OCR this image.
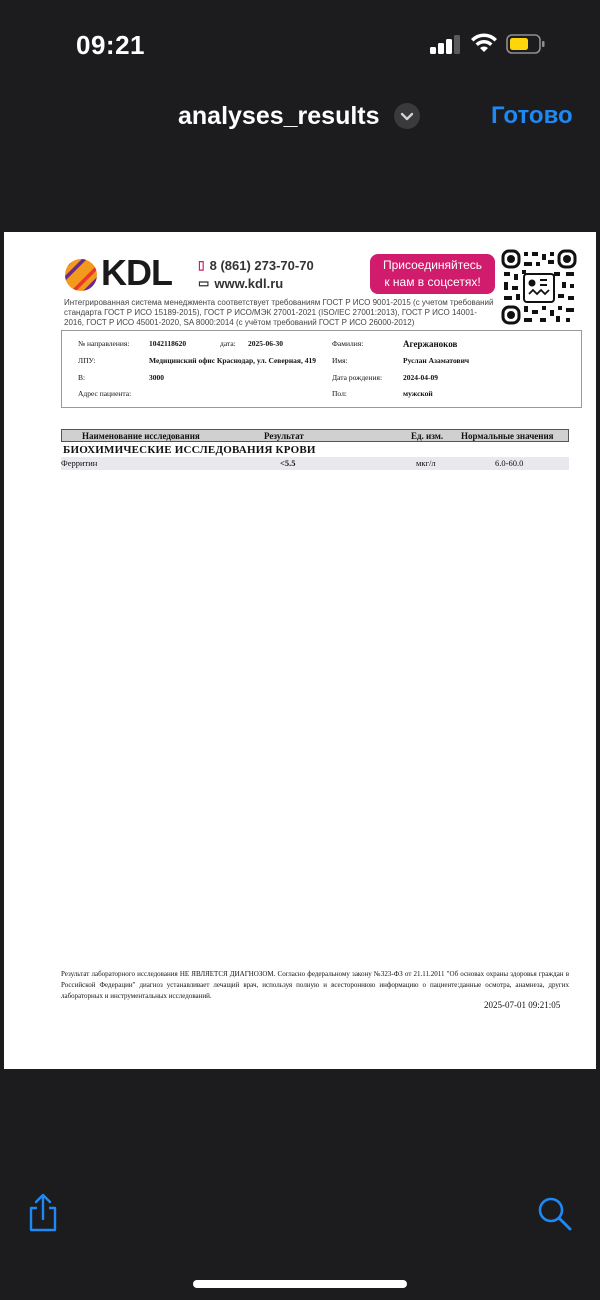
09:21
analyses_results	Готово
KDL ▯ 8 (861) 273-70-70
▭ www.kdl.ru
Присоединяйтесь
к нам в соцсетях!
Интегрированная система менеджмента соответствует требованиям ГОСТ Р ИСО 9001-2015 (с учетом требований стандарта ГОСТ Р ИСО 15189-2015), ГОСТ Р ИСО/МЭК 27001-2021 (ISO/IEC 27001:2013), ГОСТ Р ИСО 14001-2016, ГОСТ Р ИСО 45001-2020, SA 8000:2014 (с учётом требований ГОСТ Р ИСО 26000-2012)
№ направления:	1042118620	дата: 2025-06-30	Фамилия:	Агержаноков
ЛПУ:	Медицинский офис Краснодар, ул. Северная, 419 Имя:	Руслан Азаматович
В:	3000	Дата рождения:	2024-04-09
Адрес пациента:	Пол:	мужской
Наименование исследования	Результат	Ед. изм. Нормальные значения
БИОХИМИЧЕСКИЕ ИССЛЕДОВАНИЯ КРОВИ
Ферритин	<5.5	мкг/л	6.0-60.0
Результат лабораторного исследования НЕ ЯВЛЯЕТСЯ ДИАГНОЗОМ. Согласно федеральному закону №323-ФЗ от 21.11.2011 "Об основах охраны здоровья граждан в Российской Федерации" диагноз устанавливает лечащий врач, используя полную и всестороннюю информацию о пациенте:данные осмотра, анамнеза, других лабораторных и инструментальных исследований.
2025-07-01 09:21:05
